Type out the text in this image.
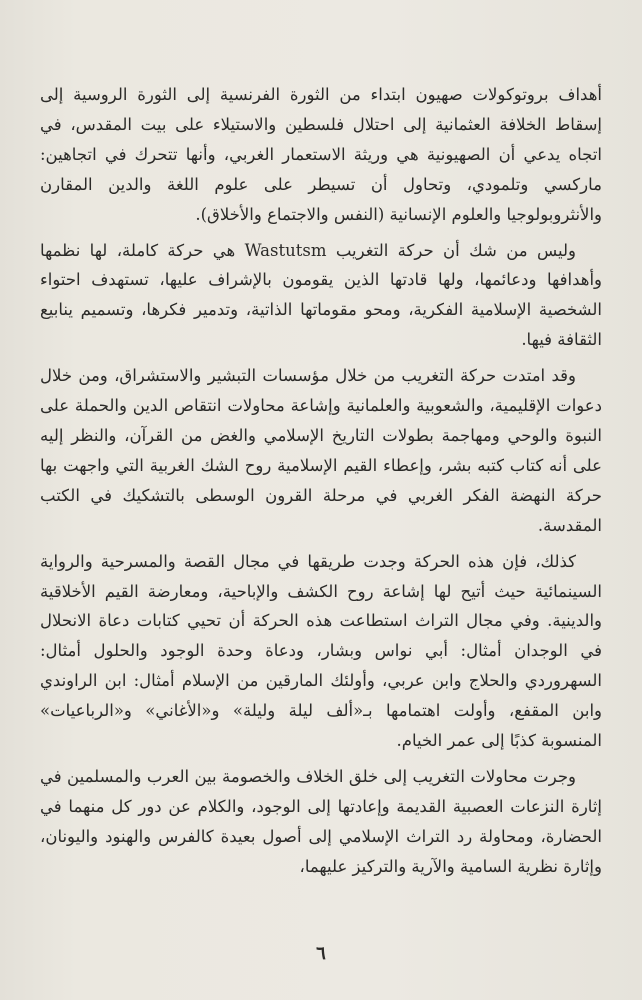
أهداف بروتوكولات صهيون ابتداء من الثورة الفرنسية إلى الثورة الروسية إلى إسقاط الخلافة العثمانية إلى احتلال فلسطين والاستيلاء على بيت المقدس، في اتجاه يدعي أن الصهيونية هي وريثة الاستعمار الغربي، وأنها تتحرك في اتجاهين: ماركسي وتلمودي، وتحاول أن تسيطر على علوم اللغة والدين المقارن والأنثروبولوجيا والعلوم الإنسانية (النفس والاجتماع والأخلاق).

وليس من شك أن حركة التغريب Wastutsm هي حركة كاملة، لها نظمها وأهدافها ودعائمها، ولها قادتها الذين يقومون بالإشراف عليها، تستهدف احتواء الشخصية الإسلامية الفكرية، ومحو مقوماتها الذاتية، وتدمير فكرها، وتسميم ينابيع الثقافة فيها.

وقد امتدت حركة التغريب من خلال مؤسسات التبشير والاستشراق، ومن خلال دعوات الإقليمية، والشعوبية والعلمانية وإشاعة محاولات انتقاص الدين والحملة على النبوة والوحي ومهاجمة بطولات التاريخ الإسلامي والغض من القرآن، والنظر إليه على أنه كتاب كتبه بشر، وإعطاء القيم الإسلامية روح الشك الغربية التي واجهت بها حركة النهضة الفكر الغربي في مرحلة القرون الوسطى بالتشكيك في الكتب المقدسة.

كذلك، فإن هذه الحركة وجدت طريقها في مجال القصة والمسرحية والرواية السينمائية حيث أتيح لها إشاعة روح الكشف والإباحية، ومعارضة القيم الأخلاقية والدينية. وفي مجال التراث استطاعت هذه الحركة أن تحيي كتابات دعاة الانحلال في الوجدان أمثال: أبي نواس وبشار، ودعاة وحدة الوجود والحلول أمثال: السهروردي والحلاج وابن عربي، وأولئك المارقين من الإسلام أمثال: ابن الراوندي وابن المقفع، وأولت اهتمامها بـ«ألف ليلة وليلة» و«الأغاني» و«الرباعيات» المنسوبة كذبًا إلى عمر الخيام.

وجرت محاولات التغريب إلى خلق الخلاف والخصومة بين العرب والمسلمين في إثارة النزعات العصبية القديمة وإعادتها إلى الوجود، والكلام عن دور كل منهما في الحضارة، ومحاولة رد التراث الإسلامي إلى أصول بعيدة كالفرس والهنود واليونان، وإثارة نظرية السامية والآرية والتركيز عليهما،

٦
